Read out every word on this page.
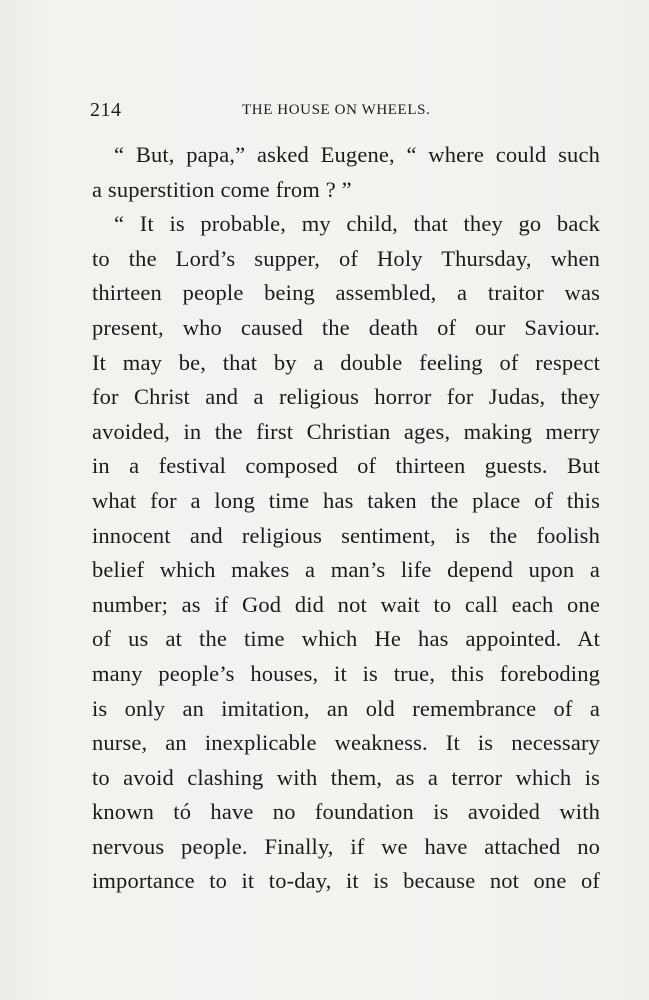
214	THE HOUSE ON WHEELS.
“ But, papa,” asked Eugene, “ where could such
a superstition come from ? ”
“ It is probable, my child, that they go back
to the Lord’s supper, of Holy Thursday, when
thirteen people being assembled, a traitor was
present, who caused the death of our Saviour.
It may be, that by a double feeling of respect
for Christ and a religious horror for Judas, they
avoided, in the first Christian ages, making merry
in a festival composed of thirteen guests. But
what for a long time has taken the place of this
innocent and religious sentiment, is the foolish
belief which makes a man’s life depend upon a
number; as if God did not wait to call each one
of us at the time which He has appointed. At
many people’s houses, it is true, this foreboding
is only an imitation, an old remembrance of a
nurse, an inexplicable weakness. It is necessary
to avoid clashing with them, as a terror which is
known tó have no foundation is avoided with
nervous people. Finally, if we have attached no
importance to it to-day, it is because not one of
